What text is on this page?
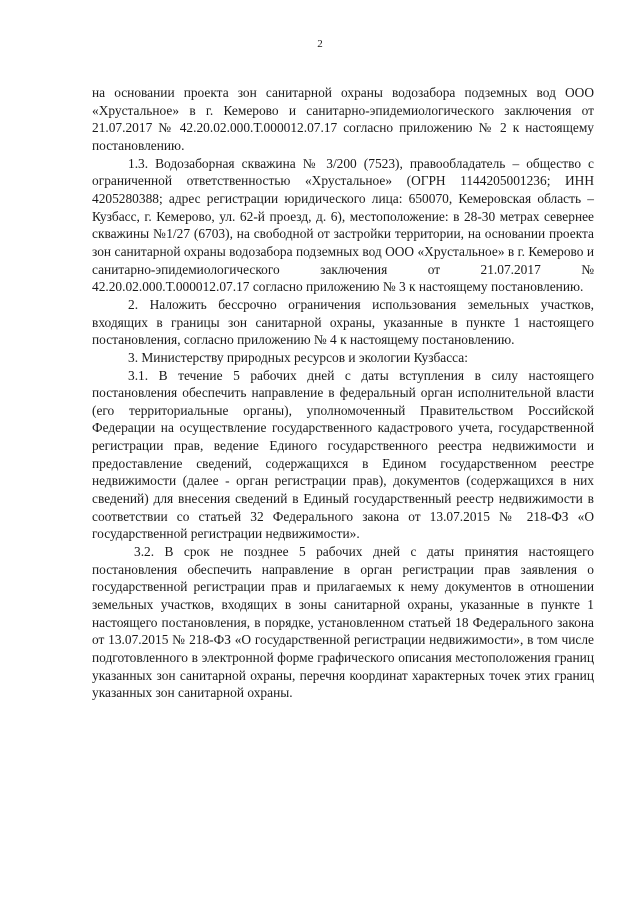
2

на основании проекта зон санитарной охраны водозабора подземных вод ООО «Хрустальное» в г. Кемерово и санитарно-эпидемиологического заключения от 21.07.2017 № 42.20.02.000.Т.000012.07.17 согласно приложению № 2 к настоящему постановлению.

1.3. Водозаборная скважина № 3/200 (7523), правообладатель – общество с ограниченной ответственностью «Хрустальное» (ОГРН 1144205001236; ИНН 4205280388; адрес регистрации юридического лица: 650070, Кемеровская область – Кузбасс, г. Кемерово, ул. 62-й проезд, д. 6), местоположение: в 28-30 метрах севернее скважины №1/27 (6703), на свободной от застройки территории, на основании проекта зон санитарной охраны водозабора подземных вод ООО «Хрустальное» в г. Кемерово и санитарно-эпидемиологического заключения от 21.07.2017 № 42.20.02.000.Т.000012.07.17 согласно приложению № 3 к настоящему постановлению.

2. Наложить бессрочно ограничения использования земельных участков, входящих в границы зон санитарной охраны, указанные в пункте 1 настоящего постановления, согласно приложению № 4 к настоящему постановлению.

3. Министерству природных ресурсов и экологии Кузбасса:

3.1. В течение 5 рабочих дней с даты вступления в силу настоящего постановления обеспечить направление в федеральный орган исполнительной власти (его территориальные органы), уполномоченный Правительством Российской Федерации на осуществление государственного кадастрового учета, государственной регистрации прав, ведение Единого государственного реестра недвижимости и предоставление сведений, содержащихся в Едином государственном реестре недвижимости (далее - орган регистрации прав), документов (содержащихся в них сведений) для внесения сведений в Единый государственный реестр недвижимости в соответствии со статьей 32 Федерального закона от 13.07.2015 № 218-ФЗ «О государственной регистрации недвижимости».

3.2. В срок не позднее 5 рабочих дней с даты принятия настоящего постановления обеспечить направление в орган регистрации прав заявления о государственной регистрации прав и прилагаемых к нему документов в отношении земельных участков, входящих в зоны санитарной охраны, указанные в пункте 1 настоящего постановления, в порядке, установленном статьей 18 Федерального закона от 13.07.2015 № 218-ФЗ «О государственной регистрации недвижимости», в том числе подготовленного в электронной форме графического описания местоположения границ указанных зон санитарной охраны, перечня координат характерных точек этих границ указанных зон санитарной охраны.
